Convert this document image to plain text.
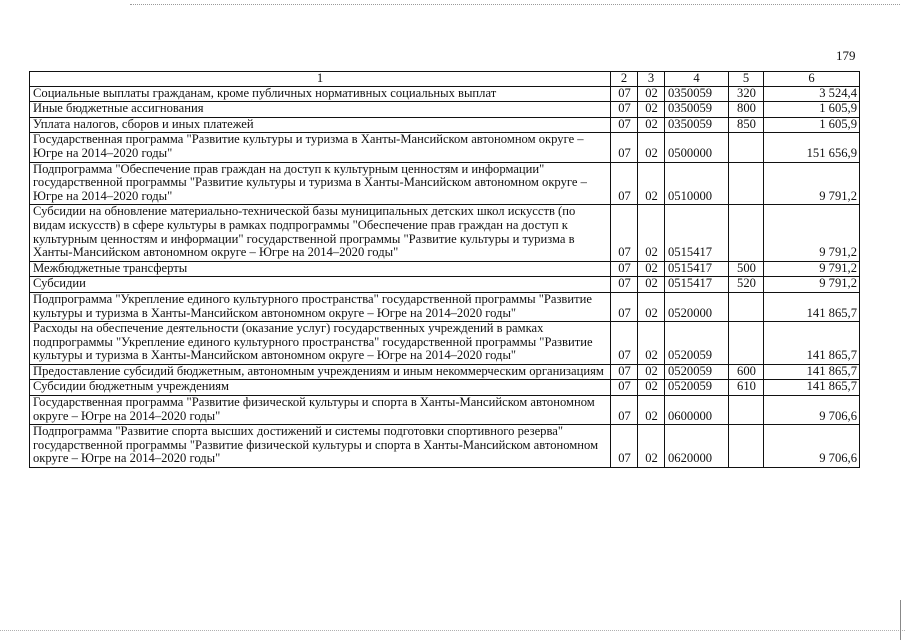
179
1	2	3	4	5	6
Социальные выплаты гражданам, кроме публичных нормативных социальных выплат	07	02	0350059	320	3 524,4
Иные бюджетные ассигнования	07	02	0350059	800	1 605,9
Уплата налогов, сборов и иных платежей	07	02	0350059	850	1 605,9
Государственная программа "Развитие культуры и туризма в Ханты-Мансийском автономном округе – Югре на 2014–2020 годы"	07	02	0500000		151 656,9
Подпрограмма "Обеспечение прав граждан на доступ к культурным ценностям и информации" государственной программы "Развитие культуры и туризма в Ханты-Мансийском автономном округе – Югре на 2014–2020 годы"	07	02	0510000		9 791,2
Субсидии на обновление материально-технической базы муниципальных детских школ искусств (по видам искусств) в сфере культуры в рамках подпрограммы "Обеспечение прав граждан на доступ к культурным ценностям и информации" государственной программы "Развитие культуры и туризма в Ханты-Мансийском автономном округе – Югре на 2014–2020 годы"	07	02	0515417		9 791,2
Межбюджетные трансферты	07	02	0515417	500	9 791,2
Субсидии	07	02	0515417	520	9 791,2
Подпрограмма "Укрепление единого культурного пространства" государственной программы "Развитие культуры и туризма в Ханты-Мансийском автономном округе – Югре на 2014–2020 годы"	07	02	0520000		141 865,7
Расходы на обеспечение деятельности (оказание услуг) государственных учреждений в рамках подпрограммы "Укрепление единого культурного пространства" государственной программы "Развитие культуры и туризма в Ханты-Мансийском автономном округе – Югре на 2014–2020 годы"	07	02	0520059		141 865,7
Предоставление субсидий бюджетным, автономным учреждениям и иным некоммерческим организациям	07	02	0520059	600	141 865,7
Субсидии бюджетным учреждениям	07	02	0520059	610	141 865,7
Государственная программа "Развитие физической культуры и спорта в Ханты-Мансийском автономном округе – Югре на 2014–2020 годы"	07	02	0600000		9 706,6
Подпрограмма "Развитие спорта высших достижений и системы подготовки спортивного резерва" государственной программы "Развитие физической культуры и спорта в Ханты-Мансийском автономном округе – Югре на 2014–2020 годы"	07	02	0620000		9 706,6
